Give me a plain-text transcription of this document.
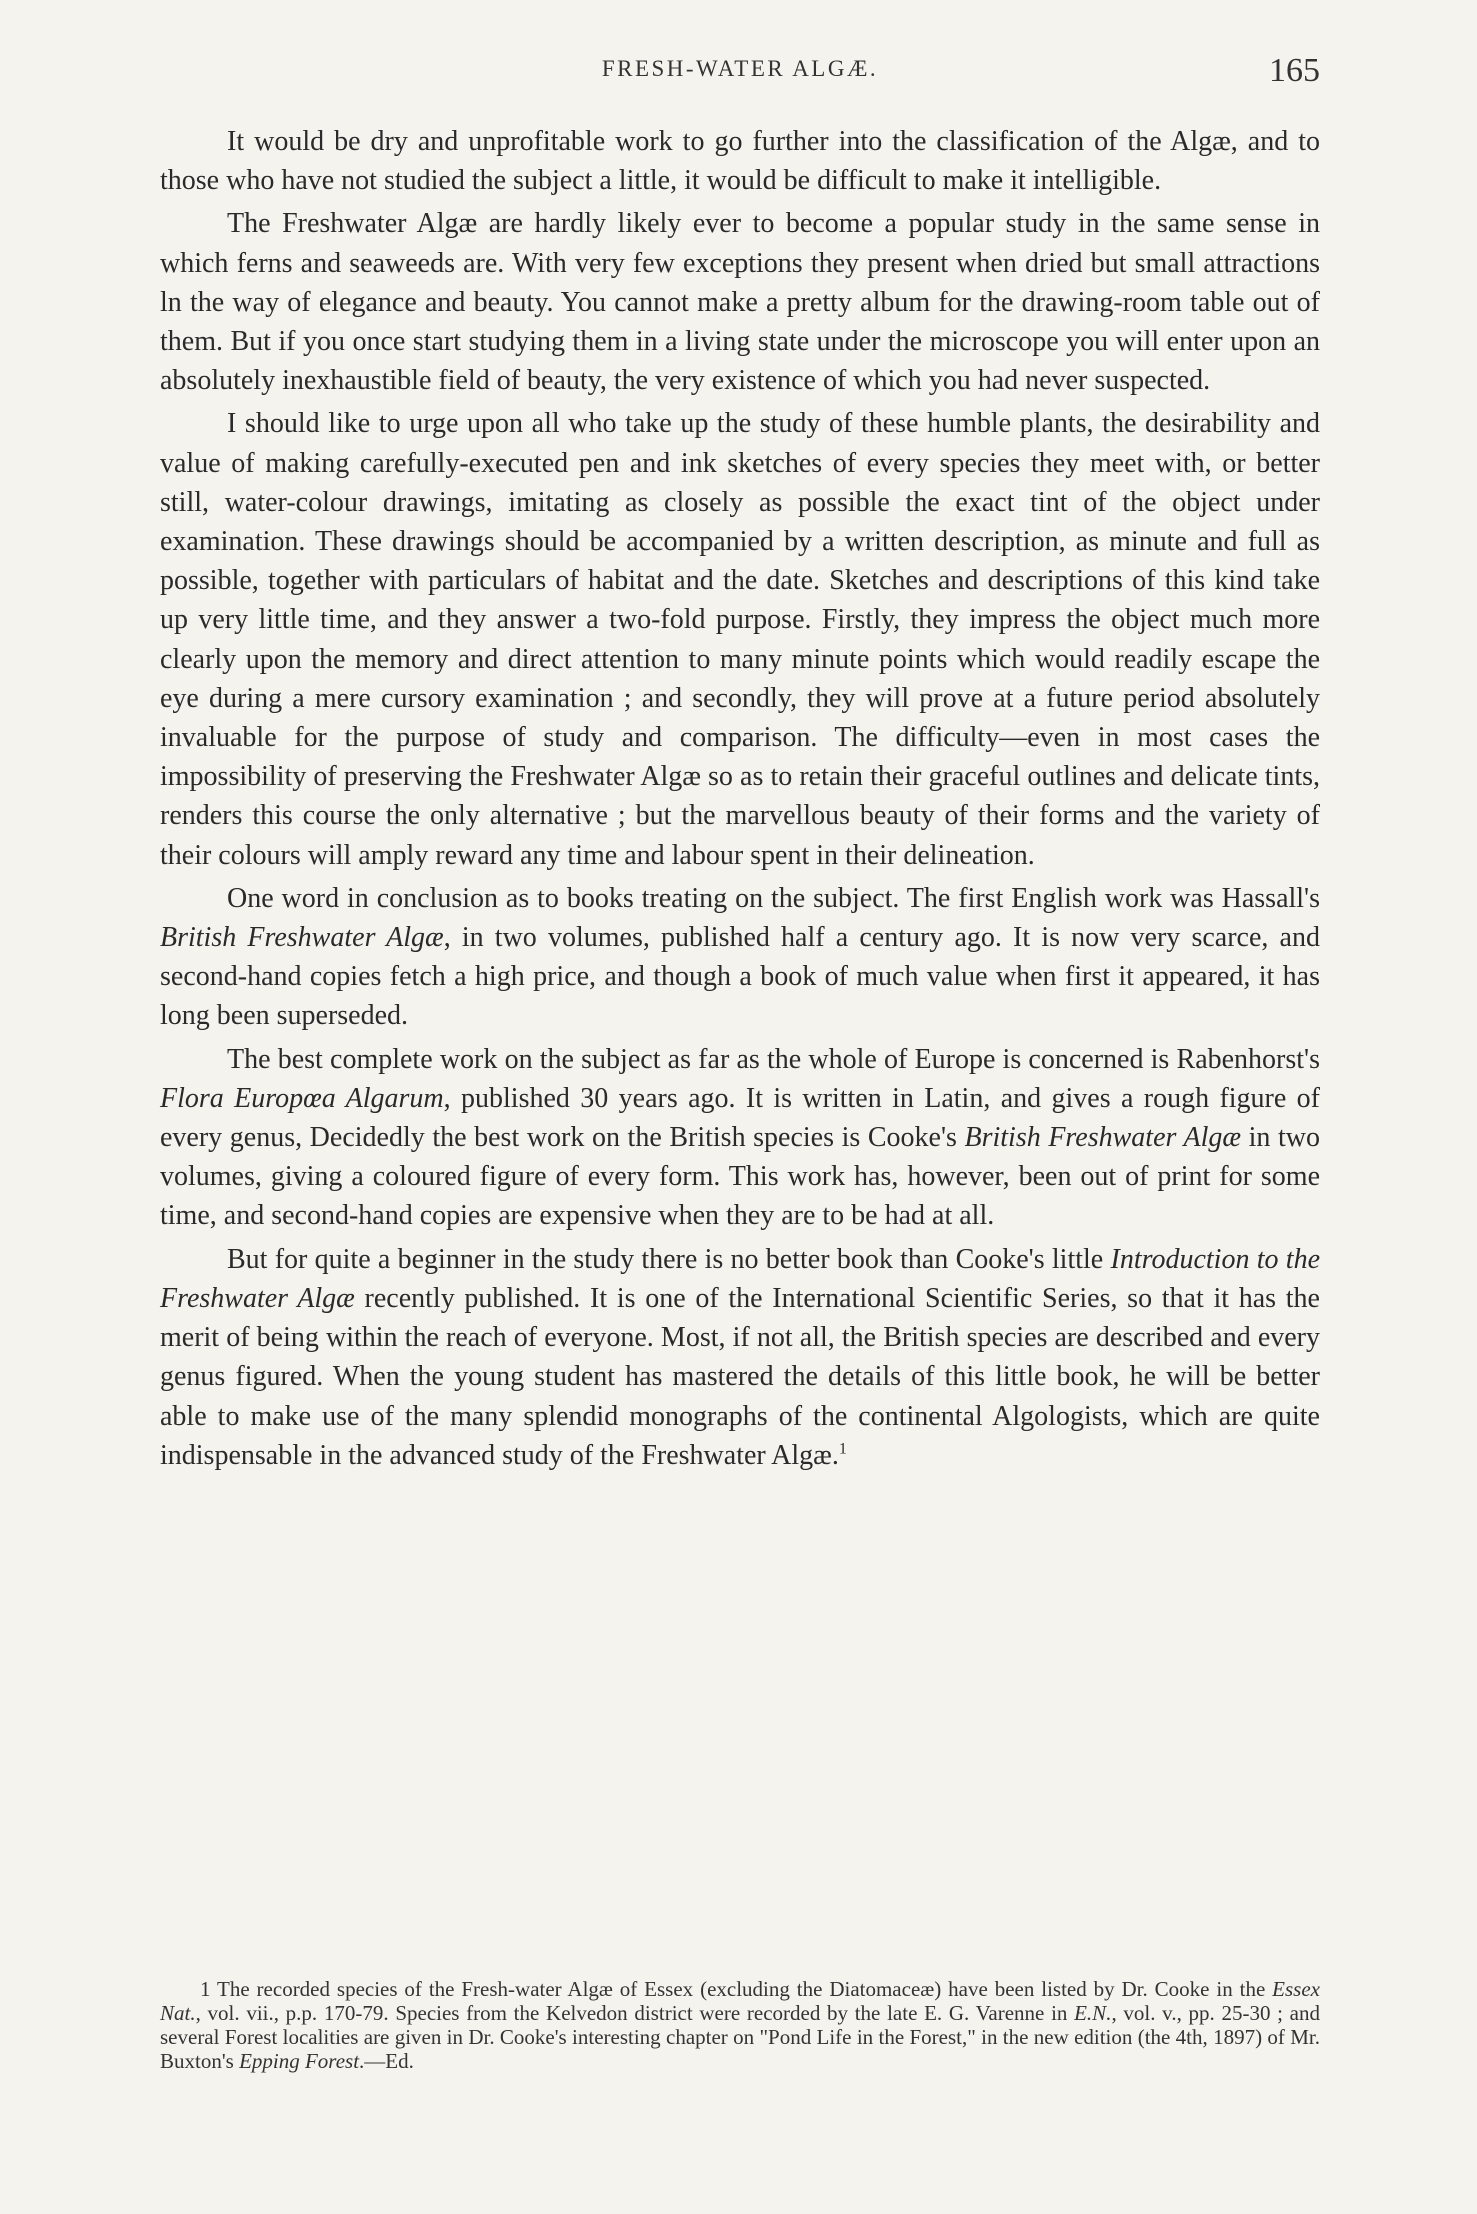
FRESH-WATER ALGÆ.	165

It would be dry and unprofitable work to go further into the classification of the Algæ, and to those who have not studied the subject a little, it would be difficult to make it intelligible.

The Freshwater Algæ are hardly likely ever to become a popular study in the same sense in which ferns and seaweeds are. With very few exceptions they present when dried but small attractions ln the way of elegance and beauty. You cannot make a pretty album for the drawing-room table out of them. But if you once start studying them in a living state under the microscope you will enter upon an absolutely inexhaustible field of beauty, the very existence of which you had never suspected.

I should like to urge upon all who take up the study of these humble plants, the desirability and value of making carefully-executed pen and ink sketches of every species they meet with, or better still, water-colour drawings, imitating as closely as possible the exact tint of the object under examination. These drawings should be accompanied by a written description, as minute and full as possible, together with particulars of habitat and the date. Sketches and descriptions of this kind take up very little time, and they answer a two-fold purpose. Firstly, they impress the object much more clearly upon the memory and direct attention to many minute points which would readily escape the eye during a mere cursory examination ; and secondly, they will prove at a future period absolutely invaluable for the purpose of study and comparison. The difficulty—even in most cases the impossibility of preserving the Freshwater Algæ so as to retain their graceful outlines and delicate tints, renders this course the only alternative ; but the marvellous beauty of their forms and the variety of their colours will amply reward any time and labour spent in their delineation.

One word in conclusion as to books treating on the subject. The first English work was Hassall's British Freshwater Algæ, in two volumes, published half a century ago. It is now very scarce, and second-hand copies fetch a high price, and though a book of much value when first it appeared, it has long been superseded.

The best complete work on the subject as far as the whole of Europe is concerned is Rabenhorst's Flora Europœa Algarum, published 30 years ago. It is written in Latin, and gives a rough figure of every genus, Decidedly the best work on the British species is Cooke's British Freshwater Algæ in two volumes, giving a coloured figure of every form. This work has, however, been out of print for some time, and second-hand copies are expensive when they are to be had at all.

But for quite a beginner in the study there is no better book than Cooke's little Introduction to the Freshwater Algæ recently published. It is one of the International Scientific Series, so that it has the merit of being within the reach of everyone. Most, if not all, the British species are described and every genus figured. When the young student has mastered the details of this little book, he will be better able to make use of the many splendid monographs of the continental Algologists, which are quite indispensable in the advanced study of the Freshwater Algæ.$^1$

1 The recorded species of the Fresh-water Algæ of Essex (excluding the Diatomaceæ) have been listed by Dr. Cooke in the Essex Nat., vol. vii., p.p. 170-79. Species from the Kelvedon district were recorded by the late E. G. Varenne in E.N., vol. v., pp. 25-30 ; and several Forest localities are given in Dr. Cooke's interesting chapter on "Pond Life in the Forest," in the new edition (the 4th, 1897) of Mr. Buxton's Epping Forest.—Ed.
